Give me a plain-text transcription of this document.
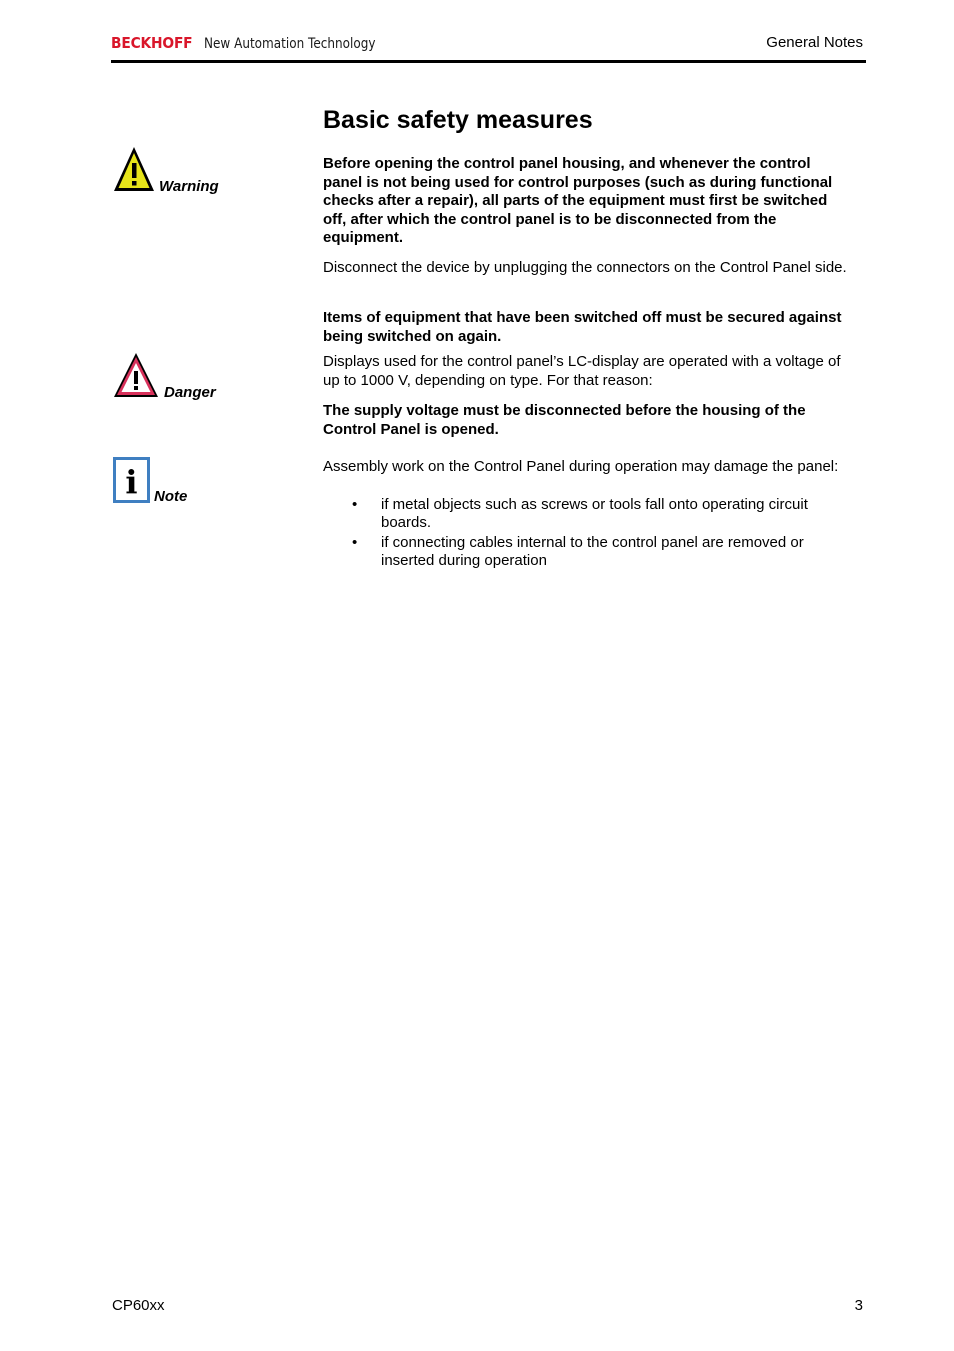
BECKHOFF New Automation Technology	General Notes
Basic safety measures
Warning
Danger
i Note
Before opening the control panel housing, and whenever the control panel is not being used for control purposes (such as during functional checks after a repair), all parts of the equipment must first be switched off, after which the control panel is to be disconnected from the equipment.
Disconnect the device by unplugging the connectors on the Control Panel side.
Items of equipment that have been switched off must be secured against being switched on again.
Displays used for the control panel’s LC-display are operated with a voltage of up to 1000 V, depending on type. For that reason:
The supply voltage must be disconnected before the housing of the Control Panel is opened.
Assembly work on the Control Panel during operation may damage the panel:
• if metal objects such as screws or tools fall onto operating circuit boards.
• if connecting cables internal to the control panel are removed or inserted during operation
CP60xx	3
